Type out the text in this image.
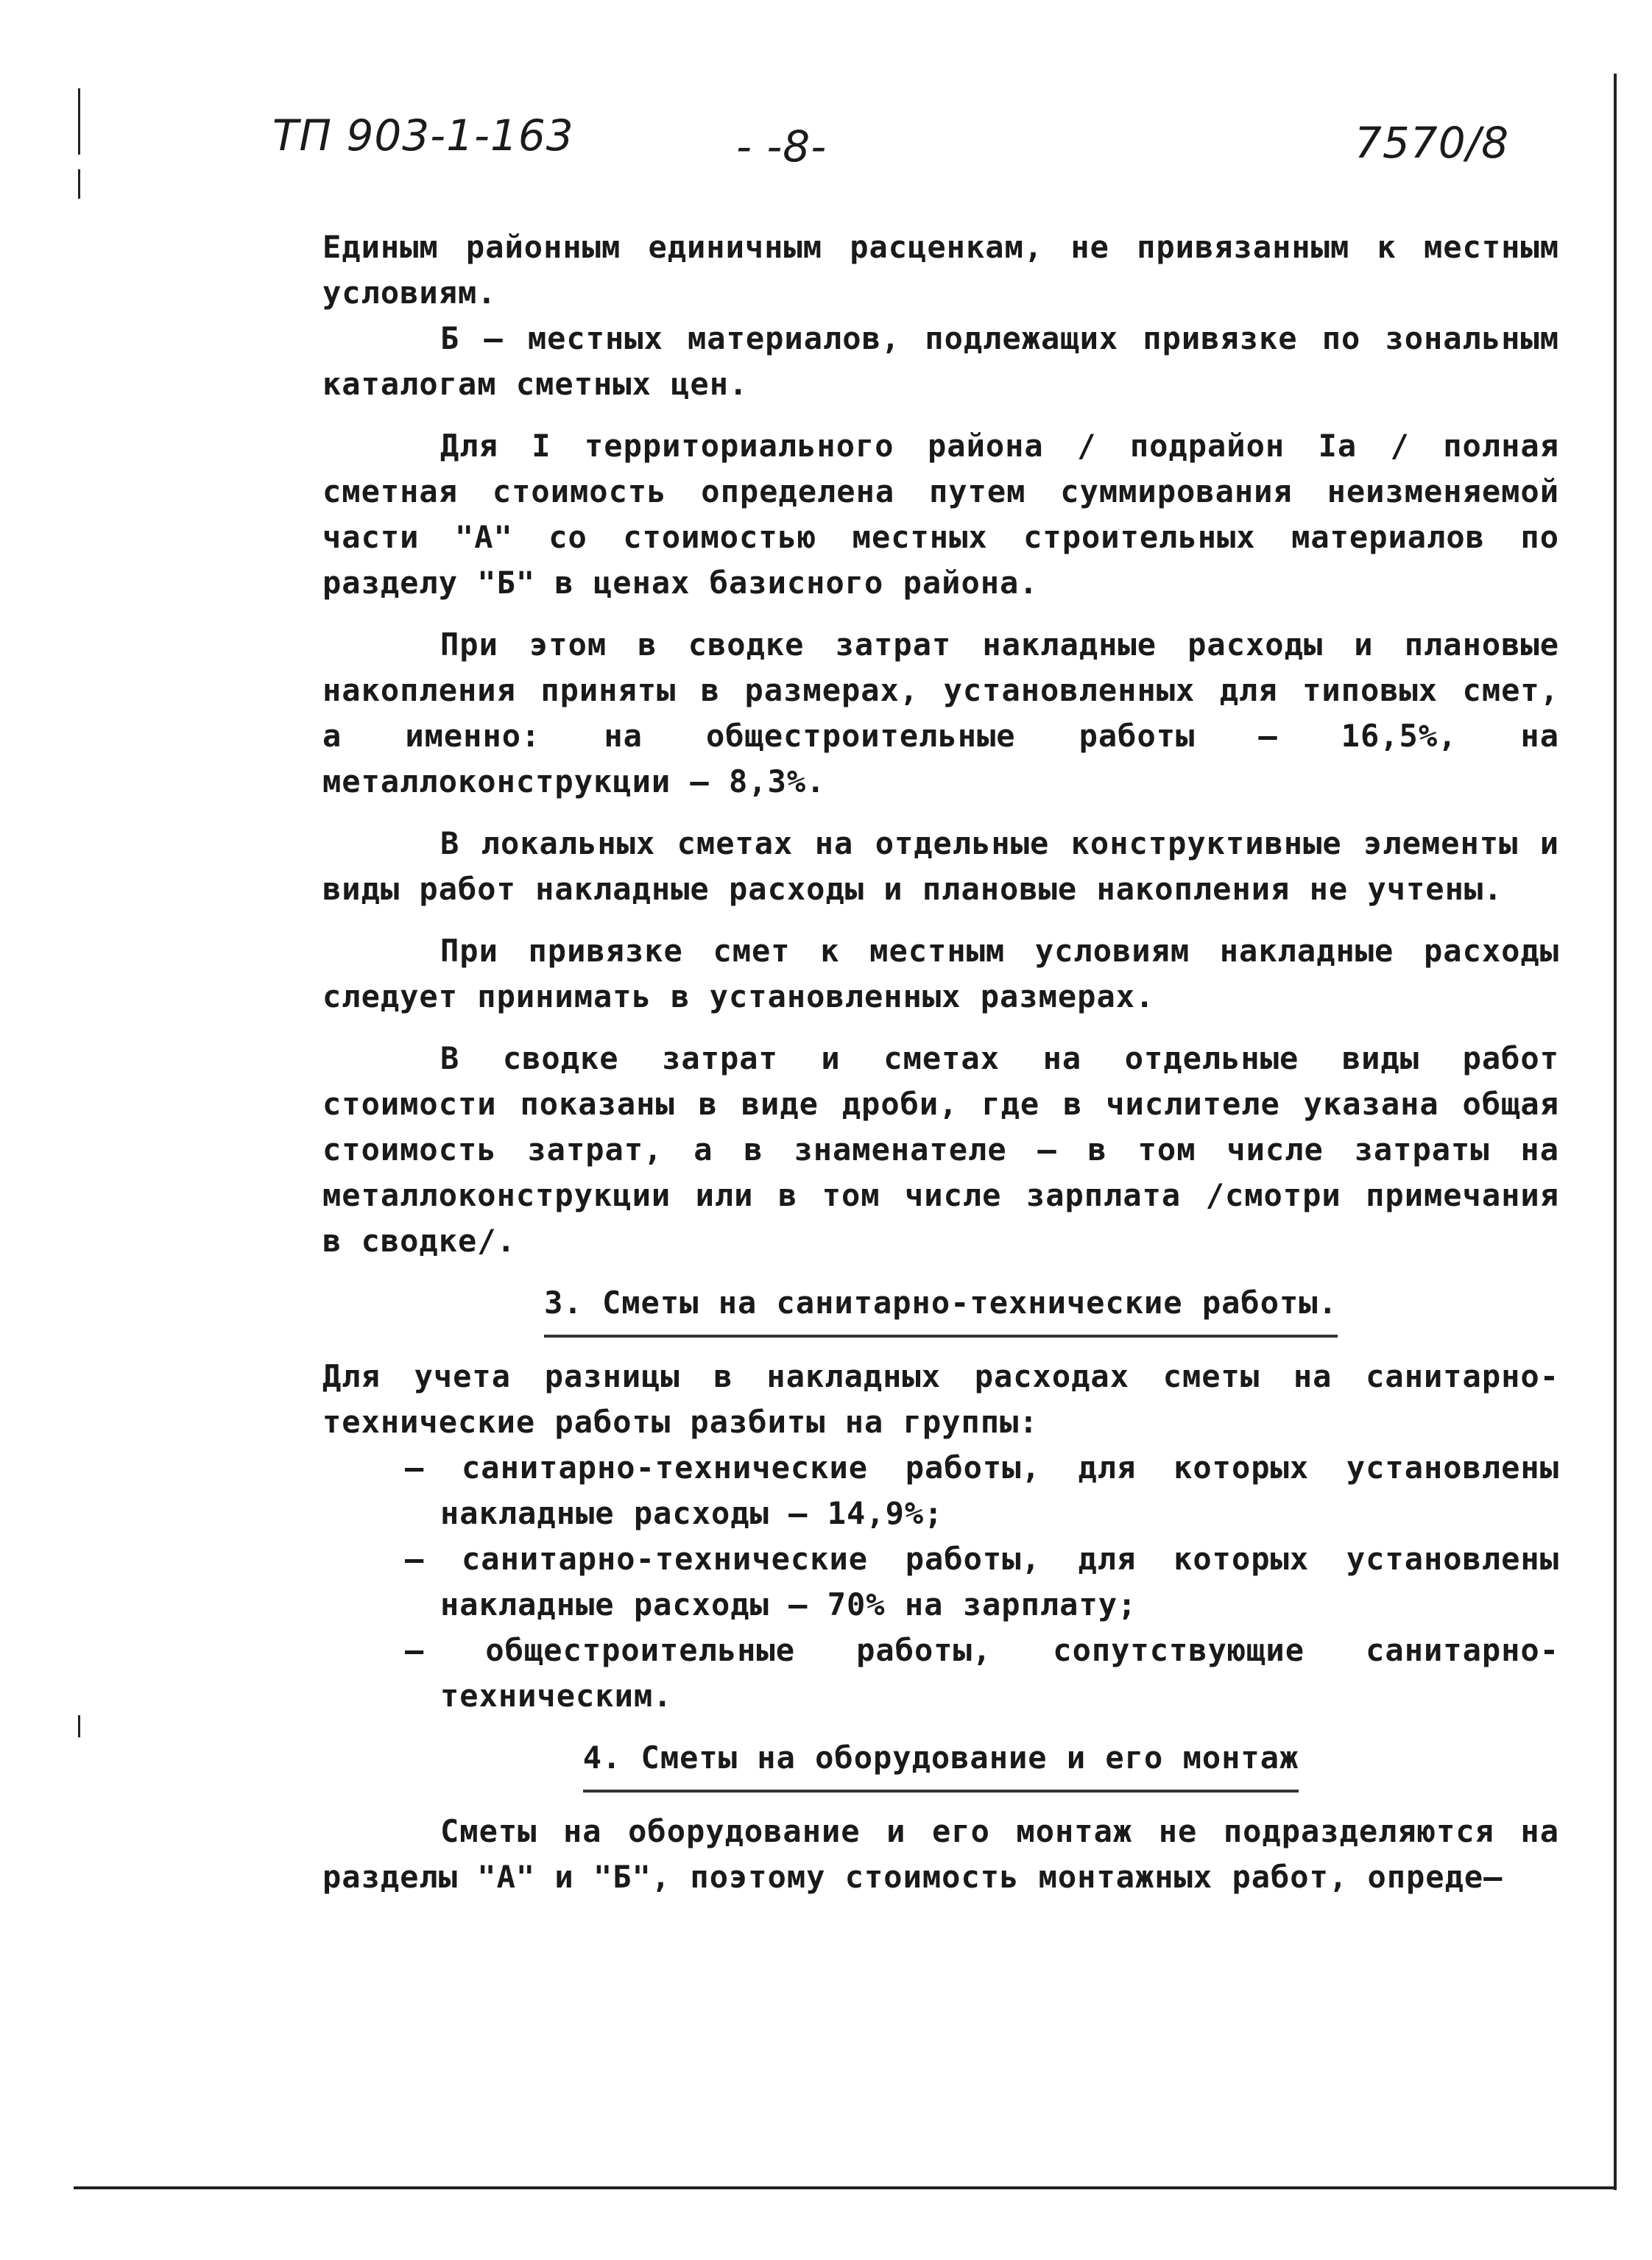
ТП 903-1-163	- -8-	7570/8

Единым районным единичным расценкам, не привязанным к местным условиям.

Б – местных материалов, подлежащих привязке по зональным каталогам сметных цен.

Для I территориального района / подрайон Iа / полная сметная стоимость определена путем суммирования неизменяемой части "А" со стоимостью местных строительных материалов по разделу "Б" в ценах базисного района.

При этом в сводке затрат накладные расходы и плановые накопления приняты в размерах, установленных для типовых смет, а именно: на общестроительные работы – 16,5%, на металлоконструкции – 8,3%.

В локальных сметах на отдельные конструктивные элементы и виды работ накладные расходы и плановые накопления не учтены.

При привязке смет к местным условиям накладные расходы следует принимать в установленных размерах.

В сводке затрат и сметах на отдельные виды работ стоимости показаны в виде дроби, где в числителе указана общая стоимость затрат, а в знаменателе – в том числе затраты на металлоконструкции или в том числе зарплата /смотри примечания в сводке/.

3. Сметы на санитарно-технические работы.

Для учета разницы в накладных расходах сметы на санитарно-технические работы разбиты на группы:

– санитарно-технические работы, для которых установлены накладные расходы – 14,9%;
– санитарно-технические работы, для которых установлены накладные расходы – 70% на зарплату;
– общестроительные работы, сопутствующие санитарно-техническим.

4. Сметы на оборудование и его монтаж

Сметы на оборудование и его монтаж не подразделяются на разделы "А" и "Б", поэтому стоимость монтажных работ, опреде–
